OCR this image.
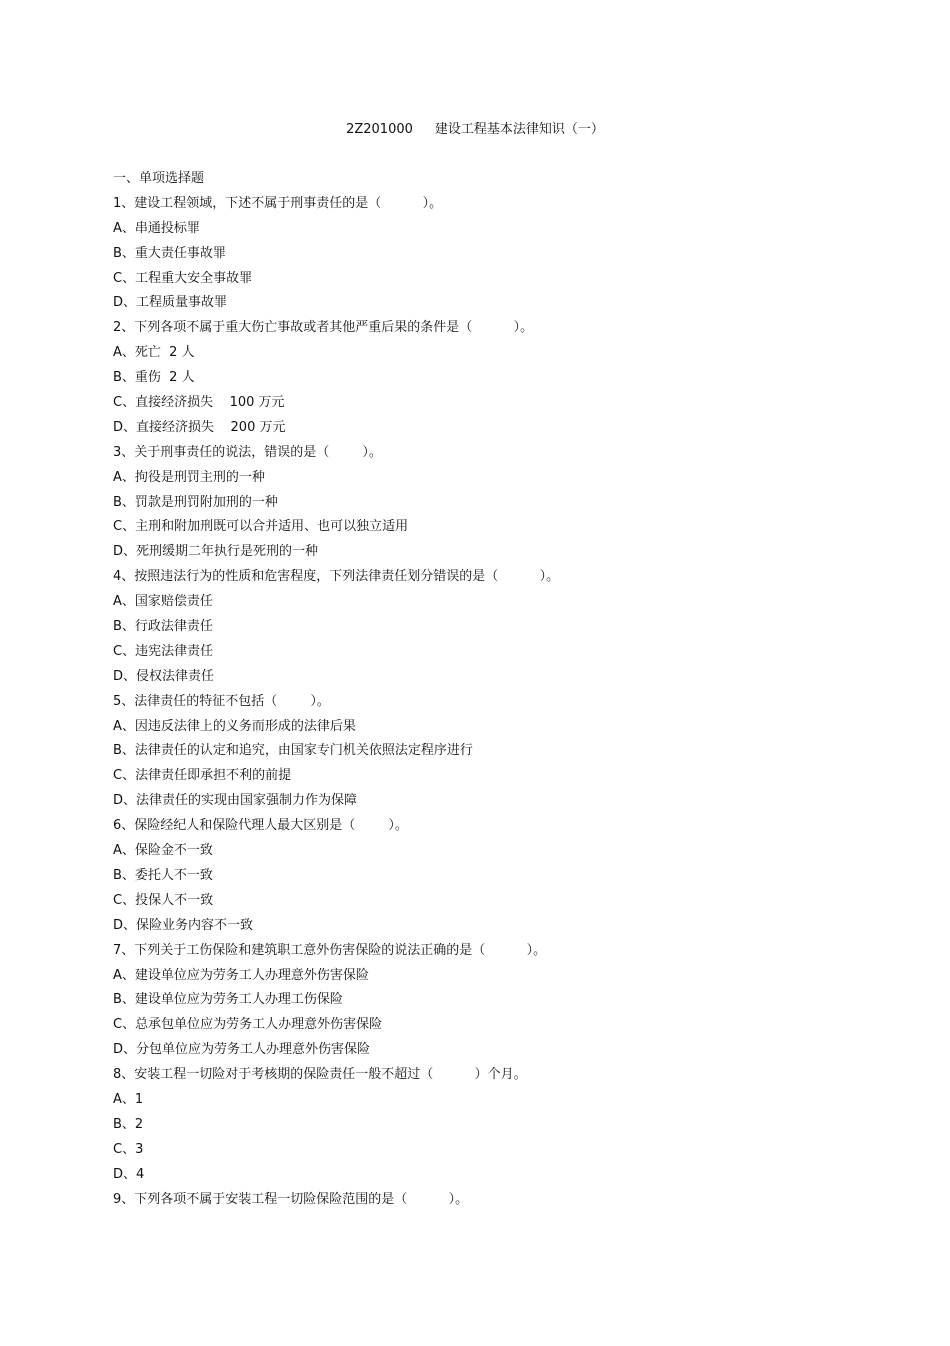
2Z201000 建设工程基本法律知识（一）
一、单项选择题
1、建设工程领域，下述不属于刑事责任的是（          ）。
A、串通投标罪
B、重大责任事故罪
C、工程重大安全事故罪
D、工程质量事故罪
2、下列各项不属于重大伤亡事故或者其他严重后果的条件是（          ）。
A、死亡  2 人
B、重伤  2 人
C、直接经济损失    100 万元
D、直接经济损失    200 万元
3、关于刑事责任的说法，错误的是（        ）。
A、拘役是刑罚主刑的一种
B、罚款是刑罚附加刑的一种
C、主刑和附加刑既可以合并适用、也可以独立适用
D、死刑缓期二年执行是死刑的一种
4、按照违法行为的性质和危害程度，下列法律责任划分错误的是（          ）。
A、国家赔偿责任
B、行政法律责任
C、违宪法律责任
D、侵权法律责任
5、法律责任的特征不包括（        ）。
A、因违反法律上的义务而形成的法律后果
B、法律责任的认定和追究，由国家专门机关依照法定程序进行
C、法律责任即承担不利的前提
D、法律责任的实现由国家强制力作为保障
6、保险经纪人和保险代理人最大区别是（        ）。
A、保险金不一致
B、委托人不一致
C、投保人不一致
D、保险业务内容不一致
7、下列关于工伤保险和建筑职工意外伤害保险的说法正确的是（          ）。
A、建设单位应为劳务工人办理意外伤害保险
B、建设单位应为劳务工人办理工伤保险
C、总承包单位应为劳务工人办理意外伤害保险
D、分包单位应为劳务工人办理意外伤害保险
8、安装工程一切险对于考核期的保险责任一般不超过（          ）个月。
A、1
B、2
C、3
D、4
9、下列各项不属于安装工程一切险保险范围的是（          ）。
